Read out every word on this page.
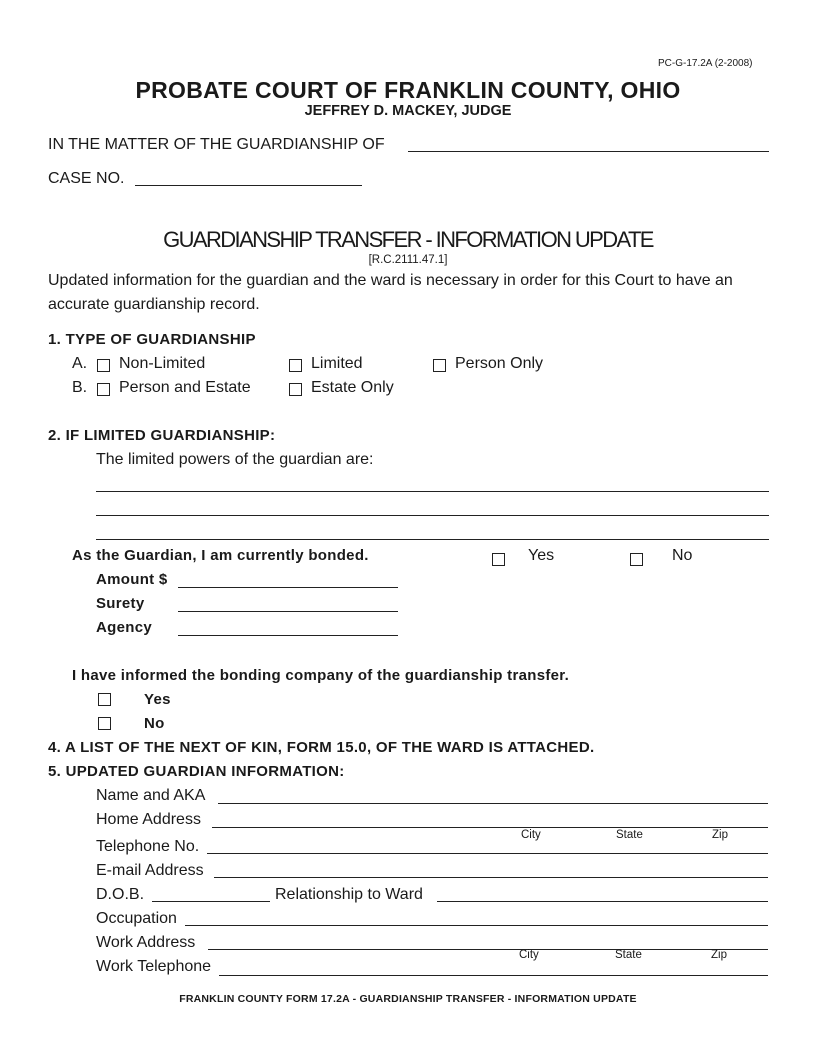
PC-G-17.2A (2-2008)
PROBATE COURT OF FRANKLIN COUNTY, OHIO
JEFFREY D. MACKEY, JUDGE
IN THE MATTER OF THE GUARDIANSHIP OF
CASE NO.
GUARDIANSHIP TRANSFER - INFORMATION UPDATE
[R.C.2111.47.1]
Updated information for the guardian and the ward is necessary in order for this Court to have an
accurate guardianship record.
1. TYPE OF GUARDIANSHIP
A. Non-Limited	Limited	Person Only
B. Person and Estate	Estate Only
2. IF LIMITED GUARDIANSHIP:
The limited powers of the guardian are:
As the Guardian, I am currently bonded.	Yes	No
Amount $
Surety
Agency
I have informed the bonding company of the guardianship transfer.
Yes
No
4. A LIST OF THE NEXT OF KIN, FORM 15.0, OF THE WARD IS ATTACHED.
5. UPDATED GUARDIAN INFORMATION:
Name and AKA
Home Address
City	State	Zip
Telephone No.
E-mail Address
D.O.B.	Relationship to Ward
Occupation
Work Address
City	State	Zip
Work Telephone
FRANKLIN COUNTY FORM 17.2A - GUARDIANSHIP TRANSFER - INFORMATION UPDATE
